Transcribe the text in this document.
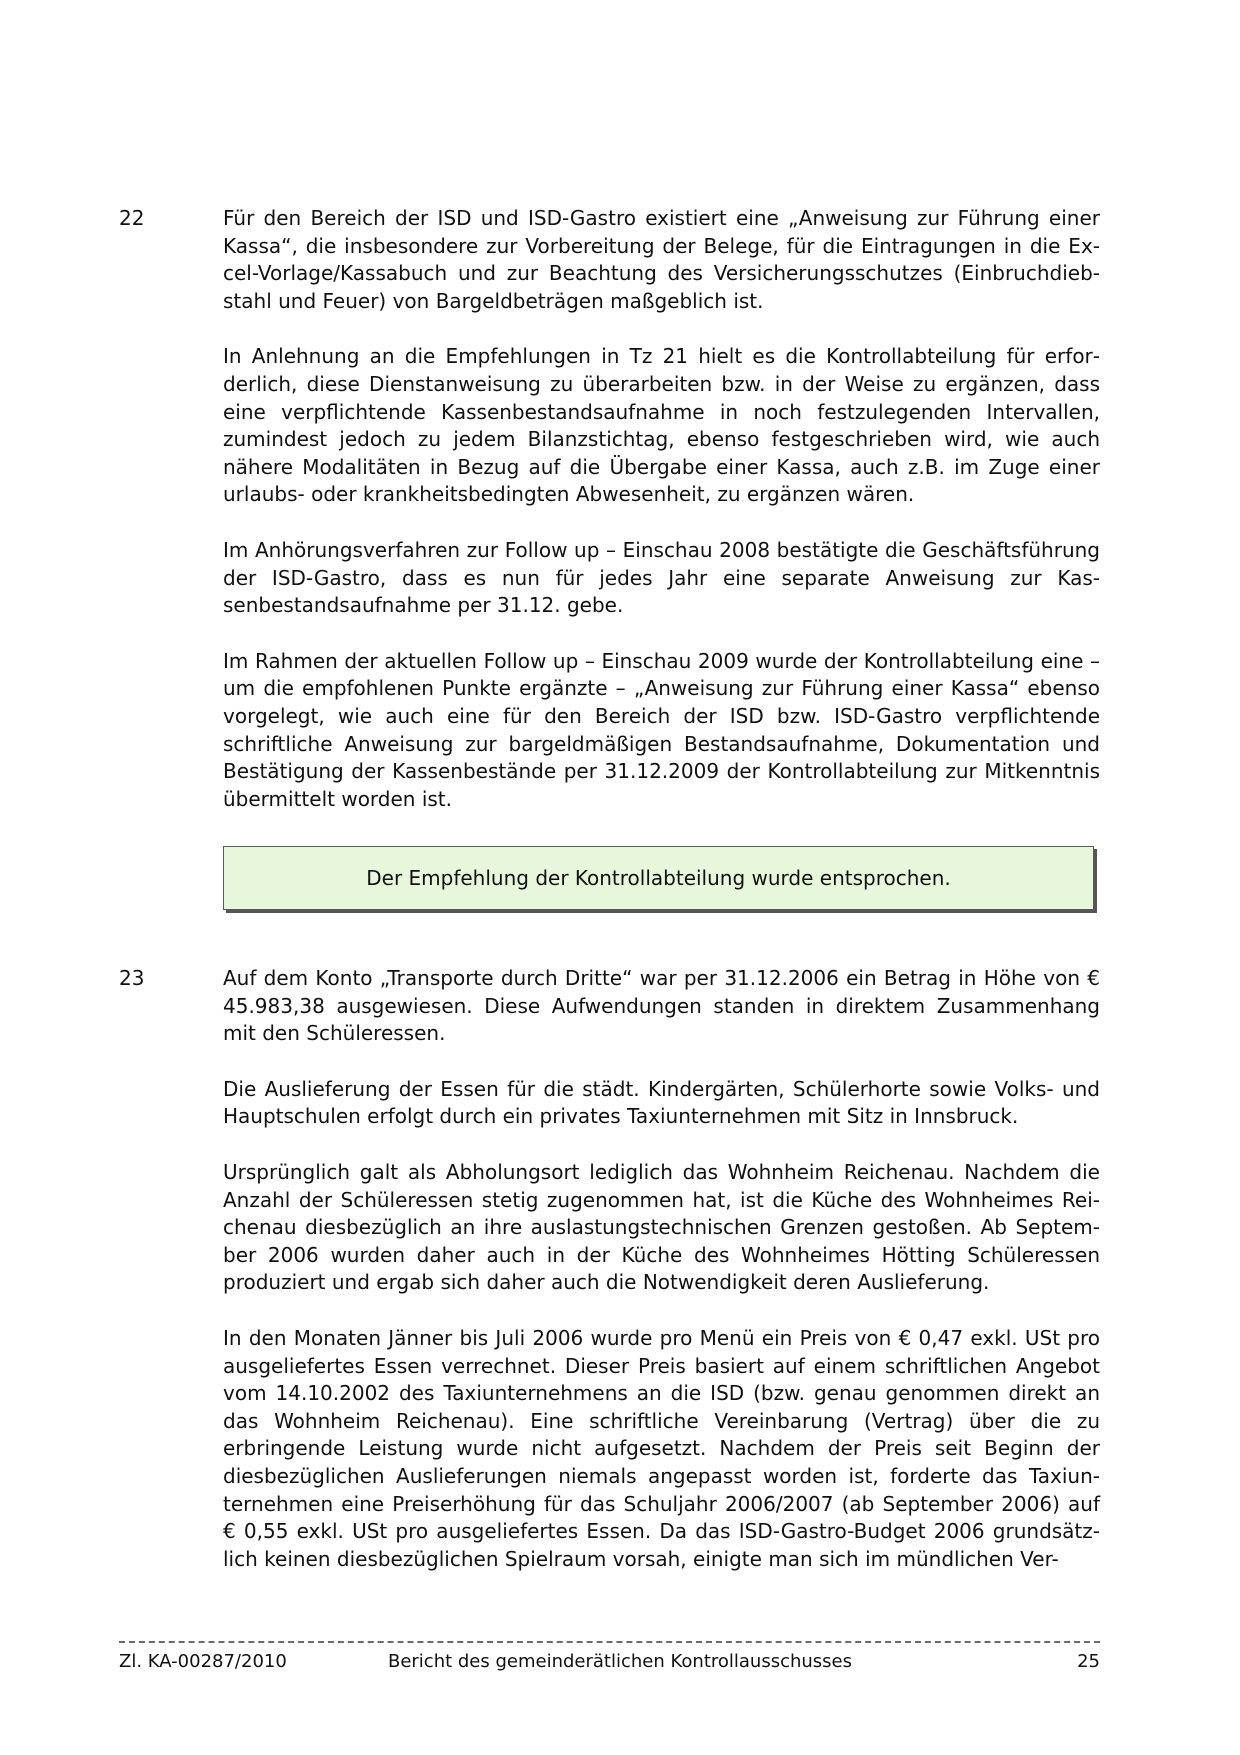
22	Für den Bereich der ISD und ISD-Gastro existiert eine „Anweisung zur Führung einer Kassa“, die insbesondere zur Vorbereitung der Belege, für die Eintragungen in die Excel-Vorlage/Kassabuch und zur Beachtung des Versicherungsschutzes (Einbruchdiebstahl und Feuer) von Bargeldbeträgen maßgeblich ist.

In Anlehnung an die Empfehlungen in Tz 21 hielt es die Kontrollabteilung für erforderlich, diese Dienstanweisung zu überarbeiten bzw. in der Weise zu ergänzen, dass eine verpflichtende Kassenbestandsaufnahme in noch festzulegenden Intervallen, zumindest jedoch zu jedem Bilanzstichtag, ebenso festgeschrieben wird, wie auch nähere Modalitäten in Bezug auf die Übergabe einer Kassa, auch z.B. im Zuge einer urlaubs- oder krankheitsbedingten Abwesenheit, zu ergänzen wären.

Im Anhörungsverfahren zur Follow up – Einschau 2008 bestätigte die Geschäftsführung der ISD-Gastro, dass es nun für jedes Jahr eine separate Anweisung zur Kassenbestandsaufnahme per 31.12. gebe.

Im Rahmen der aktuellen Follow up – Einschau 2009 wurde der Kontrollabteilung eine – um die empfohlenen Punkte ergänzte – „Anweisung zur Führung einer Kassa“ ebenso vorgelegt, wie auch eine für den Bereich der ISD bzw. ISD-Gastro verpflichtende schriftliche Anweisung zur bargeldmäßigen Bestandsaufnahme, Dokumentation und Bestätigung der Kassenbestände per 31.12.2009 der Kontrollabteilung zur Mitkenntnis übermittelt worden ist.

Der Empfehlung der Kontrollabteilung wurde entsprochen.
23	Auf dem Konto „Transporte durch Dritte“ war per 31.12.2006 ein Betrag in Höhe von € 45.983,38 ausgewiesen. Diese Aufwendungen standen in direktem Zusammenhang mit den Schüleressen.

Die Auslieferung der Essen für die städt. Kindergärten, Schülerhorte sowie Volks- und Hauptschulen erfolgt durch ein privates Taxiunternehmen mit Sitz in Innsbruck.

Ursprünglich galt als Abholungsort lediglich das Wohnheim Reichenau. Nachdem die Anzahl der Schüleressen stetig zugenommen hat, ist die Küche des Wohnheimes Reichenau diesbezüglich an ihre auslastungstechnischen Grenzen gestoßen. Ab September 2006 wurden daher auch in der Küche des Wohnheimes Hötting Schüleressen produziert und ergab sich daher auch die Notwendigkeit deren Auslieferung.

In den Monaten Jänner bis Juli 2006 wurde pro Menü ein Preis von € 0,47 exkl. USt pro ausgeliefertes Essen verrechnet. Dieser Preis basiert auf einem schriftlichen Angebot vom 14.10.2002 des Taxiunternehmens an die ISD (bzw. genau genommen direkt an das Wohnheim Reichenau). Eine schriftliche Vereinbarung (Vertrag) über die zu erbringende Leistung wurde nicht aufgesetzt. Nachdem der Preis seit Beginn der diesbezüglichen Auslieferungen niemals angepasst worden ist, forderte das Taxiunternehmen eine Preiserhöhung für das Schuljahr 2006/2007 (ab September 2006) auf € 0,55 exkl. USt pro ausgeliefertes Essen. Da das ISD-Gastro-Budget 2006 grundsätzlich keinen diesbezüglichen Spielraum vorsah, einigte man sich im mündlichen Ver-

Zl. KA-00287/2010	Bericht des gemeinderätlichen Kontrollausschusses	25
